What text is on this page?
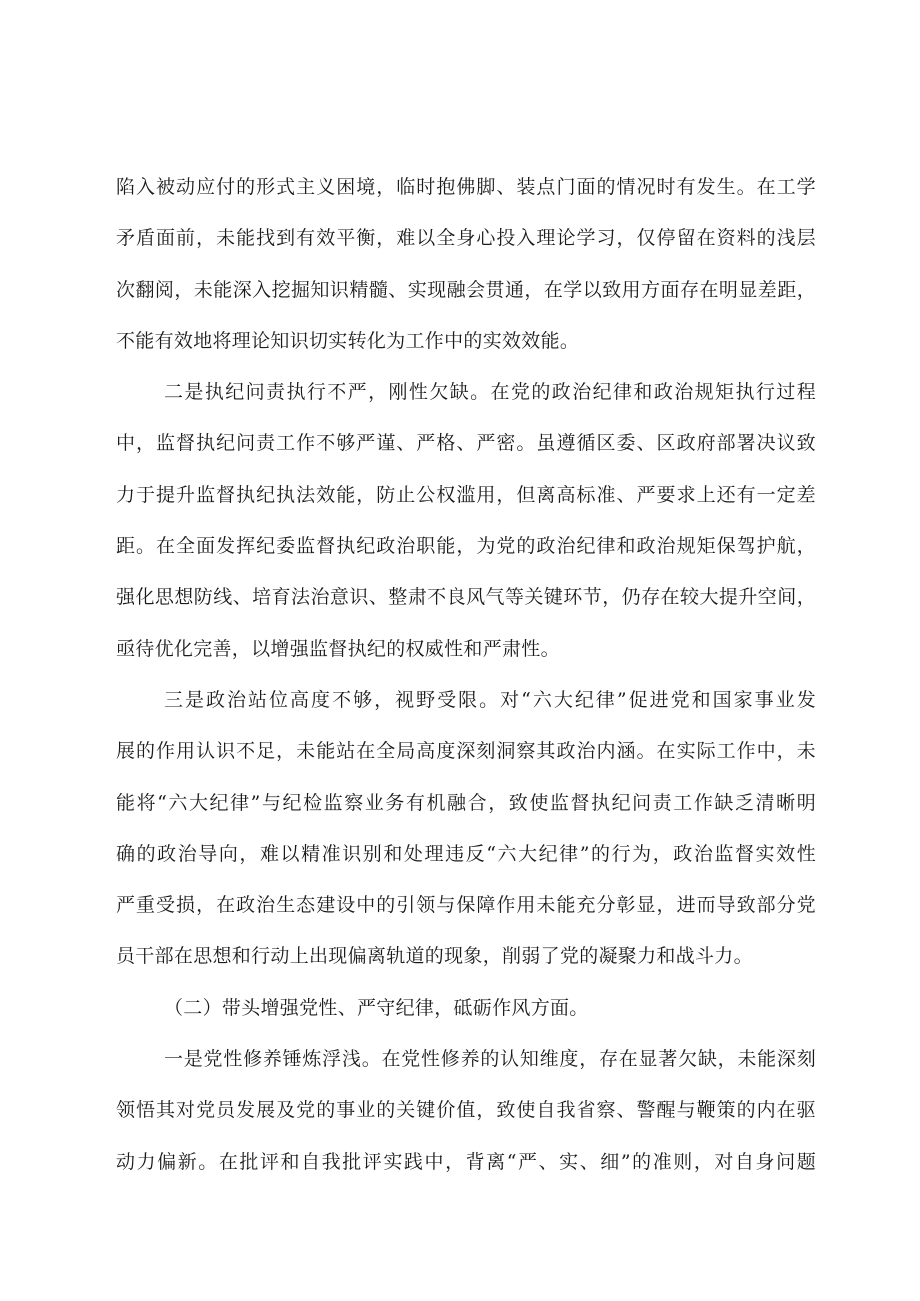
陷入被动应付的形式主义困境，临时抱佛脚、装点门面的情况时有发生。在工学
矛盾面前，未能找到有效平衡，难以全身心投入理论学习，仅停留在资料的浅层
次翻阅，未能深入挖掘知识精髓、实现融会贯通，在学以致用方面存在明显差距，
不能有效地将理论知识切实转化为工作中的实效效能。
二是执纪问责执行不严，刚性欠缺。在党的政治纪律和政治规矩执行过程
中，监督执纪问责工作不够严谨、严格、严密。虽遵循区委、区政府部署决议致
力于提升监督执纪执法效能，防止公权滥用，但离高标准、严要求上还有一定差
距。在全面发挥纪委监督执纪政治职能，为党的政治纪律和政治规矩保驾护航，
强化思想防线、培育法治意识、整肃不良风气等关键环节，仍存在较大提升空间，
亟待优化完善，以增强监督执纪的权威性和严肃性。
三是政治站位高度不够，视野受限。对“六大纪律”促进党和国家事业发
展的作用认识不足，未能站在全局高度深刻洞察其政治内涵。在实际工作中，未
能将“六大纪律”与纪检监察业务有机融合，致使监督执纪问责工作缺乏清晰明
确的政治导向，难以精准识别和处理违反“六大纪律”的行为，政治监督实效性
严重受损，在政治生态建设中的引领与保障作用未能充分彰显，进而导致部分党
员干部在思想和行动上出现偏离轨道的现象，削弱了党的凝聚力和战斗力。
（二）带头增强党性、严守纪律，砥砺作风方面。
一是党性修养锤炼浮浅。在党性修养的认知维度，存在显著欠缺，未能深刻
领悟其对党员发展及党的事业的关键价值，致使自我省察、警醒与鞭策的内在驱
动力偏新。在批评和自我批评实践中，背离“严、实、细”的准则，对自身问题
